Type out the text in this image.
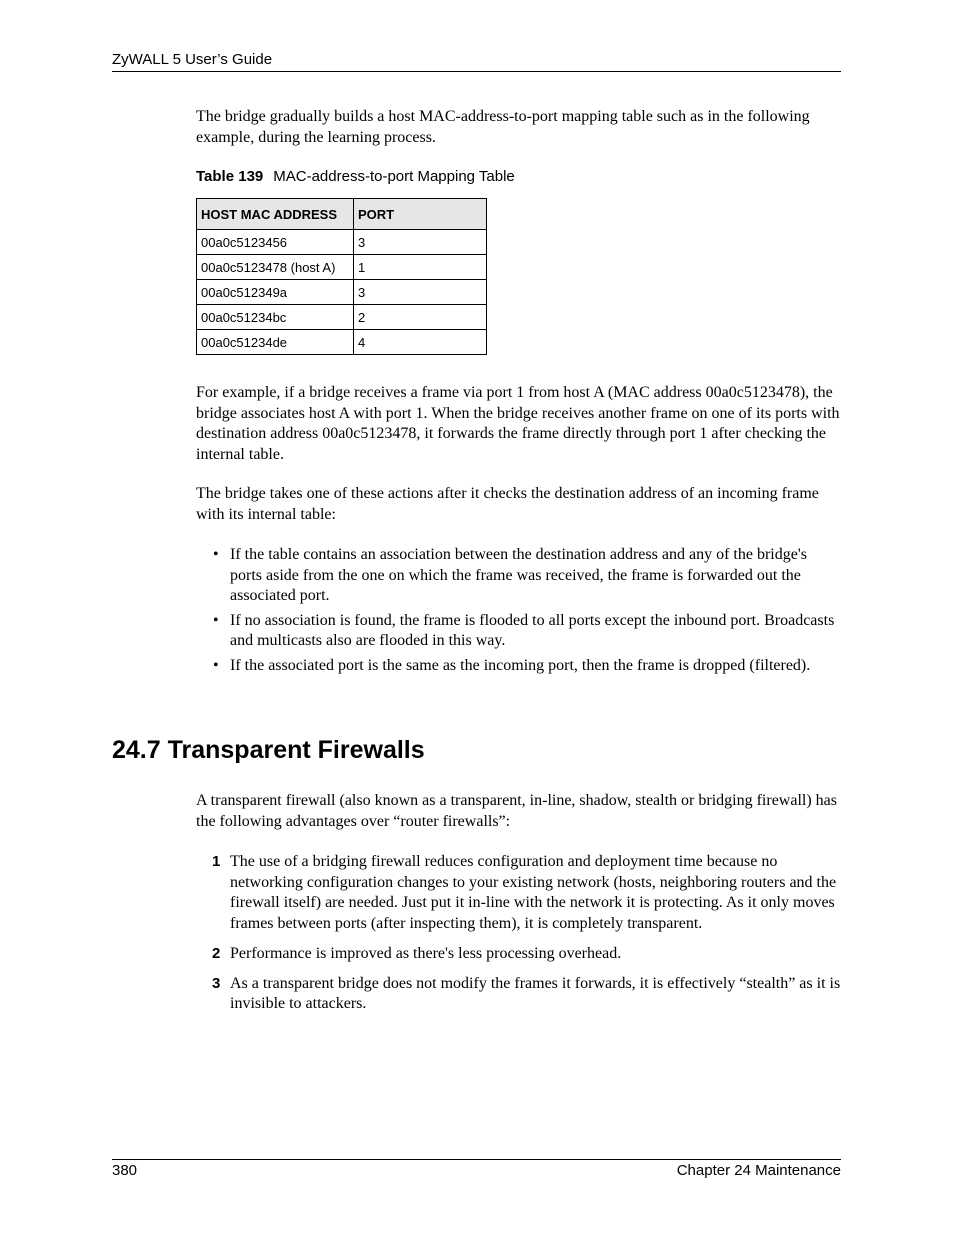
ZyWALL 5 User’s Guide

The bridge gradually builds a host MAC-address-to-port mapping table such as in the following example, during the learning process.

Table 139 MAC-address-to-port Mapping Table
HOST MAC ADDRESS	PORT
00a0c5123456	3
00a0c5123478 (host A)	1
00a0c512349a	3
00a0c51234bc	2
00a0c51234de	4

For example, if a bridge receives a frame via port 1 from host A (MAC address 00a0c5123478), the bridge associates host A with port 1. When the bridge receives another frame on one of its ports with destination address 00a0c5123478, it forwards the frame directly through port 1 after checking the internal table.

The bridge takes one of these actions after it checks the destination address of an incoming frame with its internal table:

• If the table contains an association between the destination address and any of the bridge's ports aside from the one on which the frame was received, the frame is forwarded out the associated port.
• If no association is found, the frame is flooded to all ports except the inbound port. Broadcasts and multicasts also are flooded in this way.
• If the associated port is the same as the incoming port, then the frame is dropped (filtered).
24.7 Transparent Firewalls

A transparent firewall (also known as a transparent, in-line, shadow, stealth or bridging firewall) has the following advantages over “router firewalls”:

1 The use of a bridging firewall reduces configuration and deployment time because no networking configuration changes to your existing network (hosts, neighboring routers and the firewall itself) are needed. Just put it in-line with the network it is protecting. As it only moves frames between ports (after inspecting them), it is completely transparent.
2 Performance is improved as there's less processing overhead.
3 As a transparent bridge does not modify the frames it forwards, it is effectively “stealth” as it is invisible to attackers.
380	Chapter 24 Maintenance
